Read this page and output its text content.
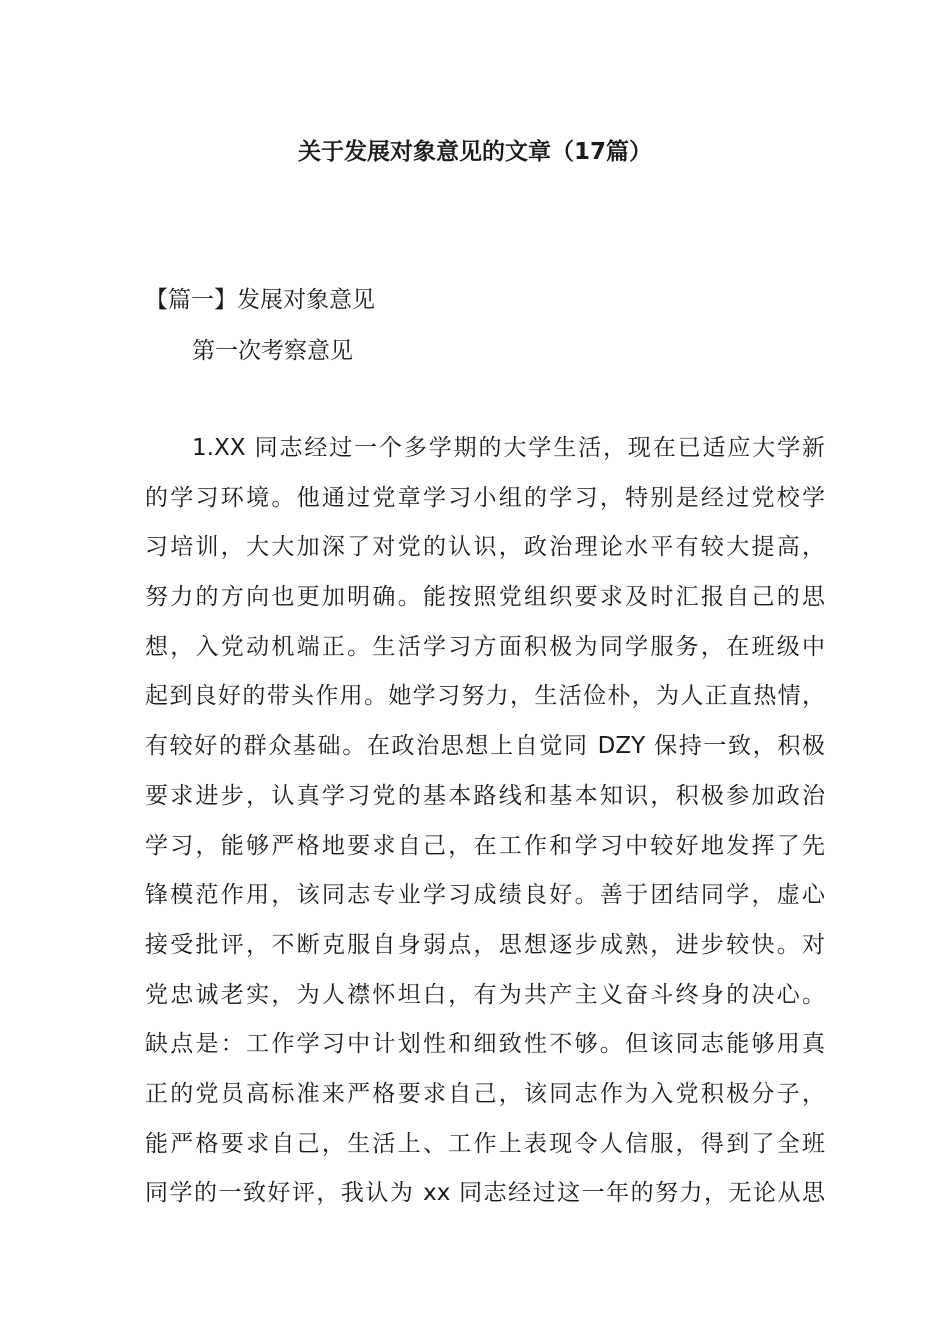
关于发展对象意见的文章（17篇）
【篇一】发展对象意见
第一次考察意见
1.XX 同志经过一个多学期的大学生活，现在已适应大学新
的学习环境。他通过党章学习小组的学习，特别是经过党校学
习培训，大大加深了对党的认识，政治理论水平有较大提高，
努力的方向也更加明确。能按照党组织要求及时汇报自己的思
想，入党动机端正。生活学习方面积极为同学服务，在班级中
起到良好的带头作用。她学习努力，生活俭朴，为人正直热情，
有较好的群众基础。在政治思想上自觉同 DZY 保持一致，积极
要求进步，认真学习党的基本路线和基本知识，积极参加政治
学习，能够严格地要求自己，在工作和学习中较好地发挥了先
锋模范作用，该同志专业学习成绩良好。善于团结同学，虚心
接受批评，不断克服自身弱点，思想逐步成熟，进步较快。对
党忠诚老实，为人襟怀坦白，有为共产主义奋斗终身的决心。
缺点是：工作学习中计划性和细致性不够。但该同志能够用真
正的党员高标准来严格要求自己，该同志作为入党积极分子，
能严格要求自己，生活上、工作上表现令人信服，得到了全班
同学的一致好评，我认为 xx 同志经过这一年的努力，无论从思
